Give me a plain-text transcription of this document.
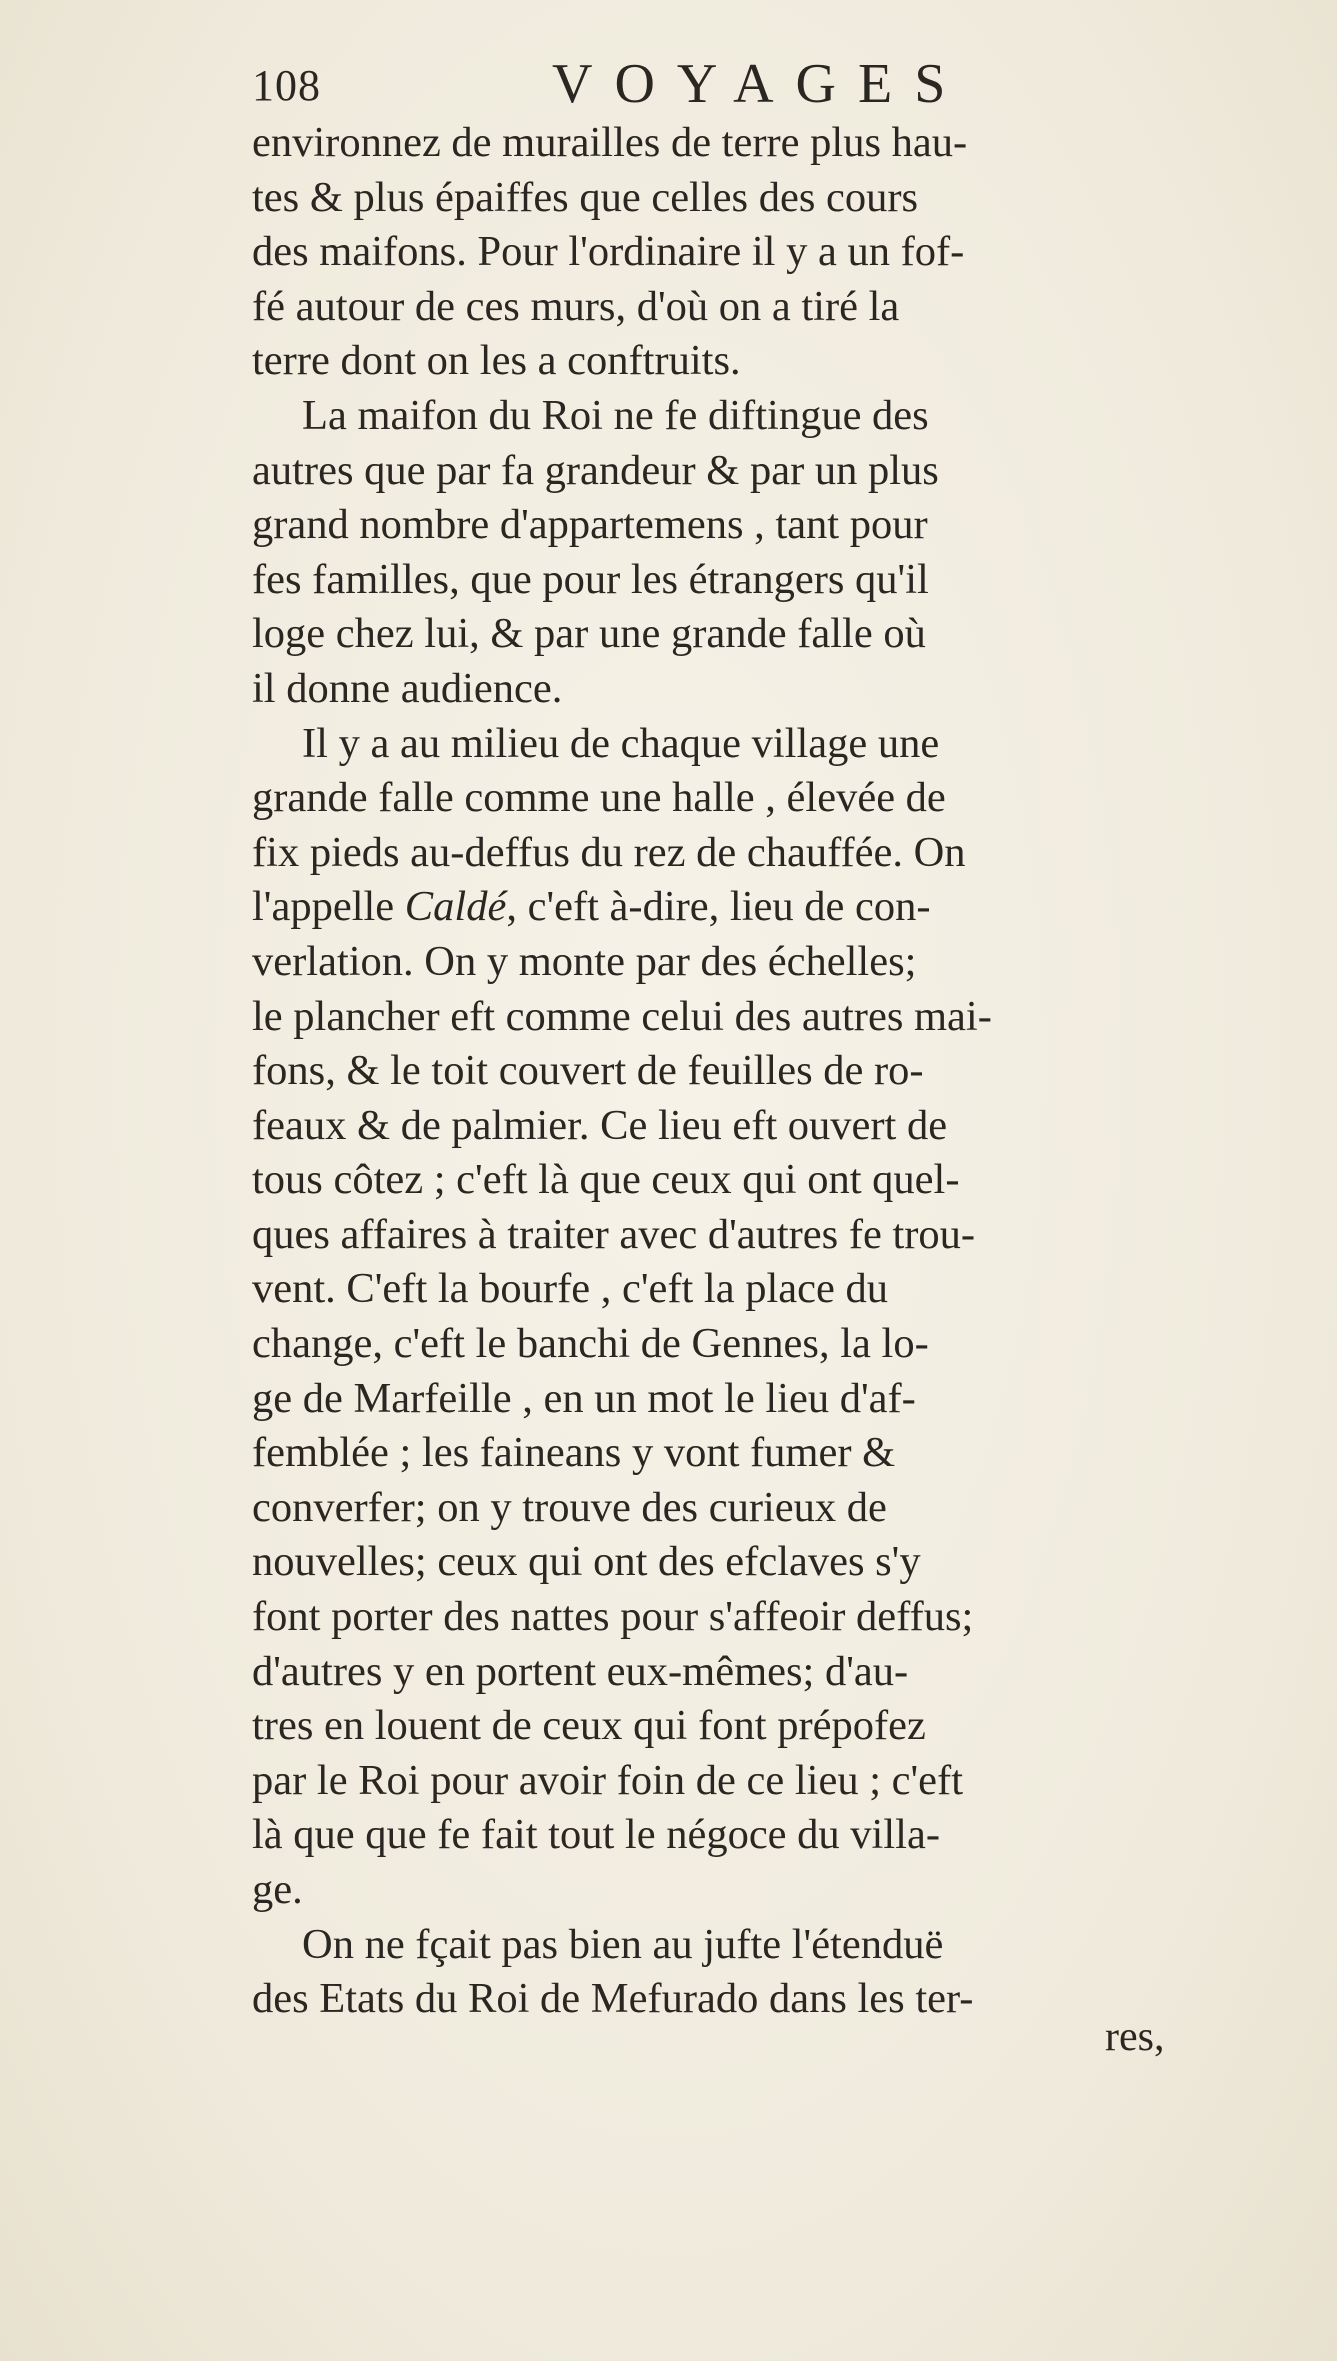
108	VOYAGES
environnez de murailles de terre plus hau-
tes & plus épaiffes que celles des cours
des maifons. Pour l'ordinaire il y a un fof-
fé autour de ces murs, d'où on a tiré la
terre dont on les a conftruits.
La maifon du Roi ne fe diftingue des
autres que par fa grandeur & par un plus
grand nombre d'appartemens , tant pour
fes familles, que pour les étrangers qu'il
loge chez lui, & par une grande falle où
il donne audience.
Il y a au milieu de chaque village une
grande falle comme une halle , élevée de
fix pieds au-deffus du rez de chauffée. On
l'appelle Caldé, c'eft à-dire, lieu de con-
verlation. On y monte par des échelles;
le plancher eft comme celui des autres mai-
fons, & le toit couvert de feuilles de ro-
feaux & de palmier. Ce lieu eft ouvert de
tous côtez ; c'eft là que ceux qui ont quel-
ques affaires à traiter avec d'autres fe trou-
vent. C'eft la bourfe , c'eft la place du
change, c'eft le banchi de Gennes, la lo-
ge de Marfeille , en un mot le lieu d'af-
femblée ; les faineans y vont fumer &
converfer; on y trouve des curieux de
nouvelles; ceux qui ont des efclaves s'y
font porter des nattes pour s'affeoir deffus;
d'autres y en portent eux-mêmes; d'au-
tres en louent de ceux qui font prépofez
par le Roi pour avoir foin de ce lieu ; c'eft
là que que fe fait tout le négoce du villa-
ge.
On ne fçait pas bien au jufte l'étenduë
des Etats du Roi de Mefurado dans les ter-
res,
